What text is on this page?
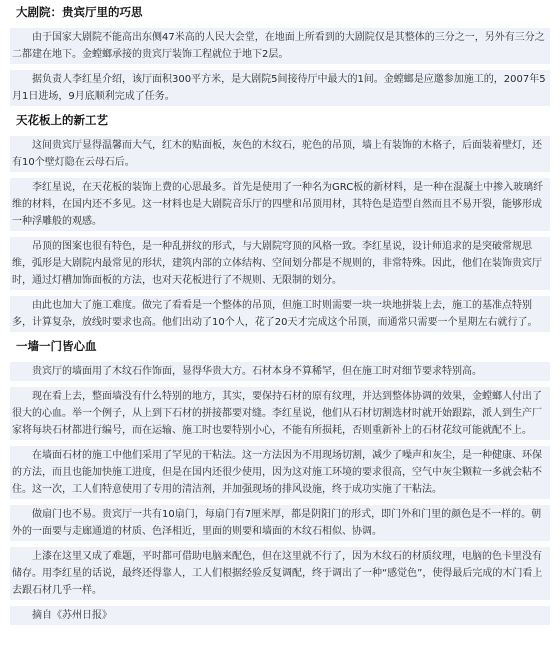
大剧院：贵宾厅里的巧思

由于国家大剧院不能高出东侧47米高的人民大会堂，在地面上所看到的大剧院仅是其整体的三分之一，另外有三分之二都建在地下。金螳螂承接的贵宾厅装饰工程就位于地下2层。

据负责人李红星介绍，该厅面积300平方米，是大剧院5间接待厅中最大的1间。金螳螂是应邀参加施工的，2007年5月1日进场，9月底顺利完成了任务。

天花板上的新工艺

这间贵宾厅显得温馨而大气，红木的贴面板，灰色的木纹石，驼色的吊顶，墙上有装饰的木格子，后面装着壁灯，还有10个壁灯隐在云母石后。

李红星说，在天花板的装饰上费的心思最多。首先是使用了一种名为GRC板的新材料，是一种在混凝土中掺入玻璃纤维的材料，在国内还不多见。这一材料也是大剧院音乐厅的四壁和吊顶用材，其特色是造型自然而且不易开裂，能够形成一种浮雕般的观感。

吊顶的图案也很有特色，是一种乱拼纹的形式，与大剧院穹顶的风格一致。李红星说，设计师追求的是突破常规思维，弧形是大剧院内最常见的形状，建筑内部的立体结构、空间划分都是不规则的，非常特殊。因此，他们在装饰贵宾厅时，通过灯槽加饰面板的方法，也对天花板进行了不规则、无限制的划分。

由此也加大了施工难度。做完了看看是一个整体的吊顶，但施工时则需要一块一块地拼装上去，施工的基准点特别多，计算复杂，放线时要求也高。他们出动了10个人，花了20天才完成这个吊顶，而通常只需要一个星期左右就行了。

一墙一门皆心血

贵宾厅的墙面用了木纹石作饰面，显得华贵大方。石材本身不算稀罕，但在施工时对细节要求特别高。

现在看上去，整面墙没有什么特别的地方，其实，要保持石材的原有纹理，并达到整体协调的效果，金螳螂人付出了很大的心血。举一个例子，从上到下石材的拼接都要对缝。李红星说，他们从石材切割选材时就开始跟踪，派人到生产厂家将每块石材都进行编号，而在运输、施工时也要特别小心，不能有所损耗，否则重新补上的石材花纹可能就配不上。

在墙面石材的施工中他们采用了罕见的干粘法。这一方法因为不用现场切割，减少了噪声和灰尘，是一种健康、环保的方法，而且也能加快施工进度，但是在国内还很少使用，因为这对施工环境的要求很高，空气中灰尘颗粒一多就会粘不住。这一次，工人们特意使用了专用的清洁剂，并加强现场的排风设施，终于成功实施了干粘法。

做扇门也不易。贵宾厅一共有10扇门，每扇门有7厘米厚，都是阴阳门的形式，即门外和门里的颜色是不一样的。朝外的一面要与走廊通道的材质、色泽相近，里面的则要和墙面的木纹石相似、协调。

上漆在这里又成了难题，平时都可借助电脑来配色，但在这里就不行了，因为木纹石的材质纹理，电脑的色卡里没有储存。用李红星的话说，最终还得靠人，工人们根据经验反复调配，终于调出了一种“感觉色”，使得最后完成的木门看上去跟石材几乎一样。

摘自《苏州日报》
